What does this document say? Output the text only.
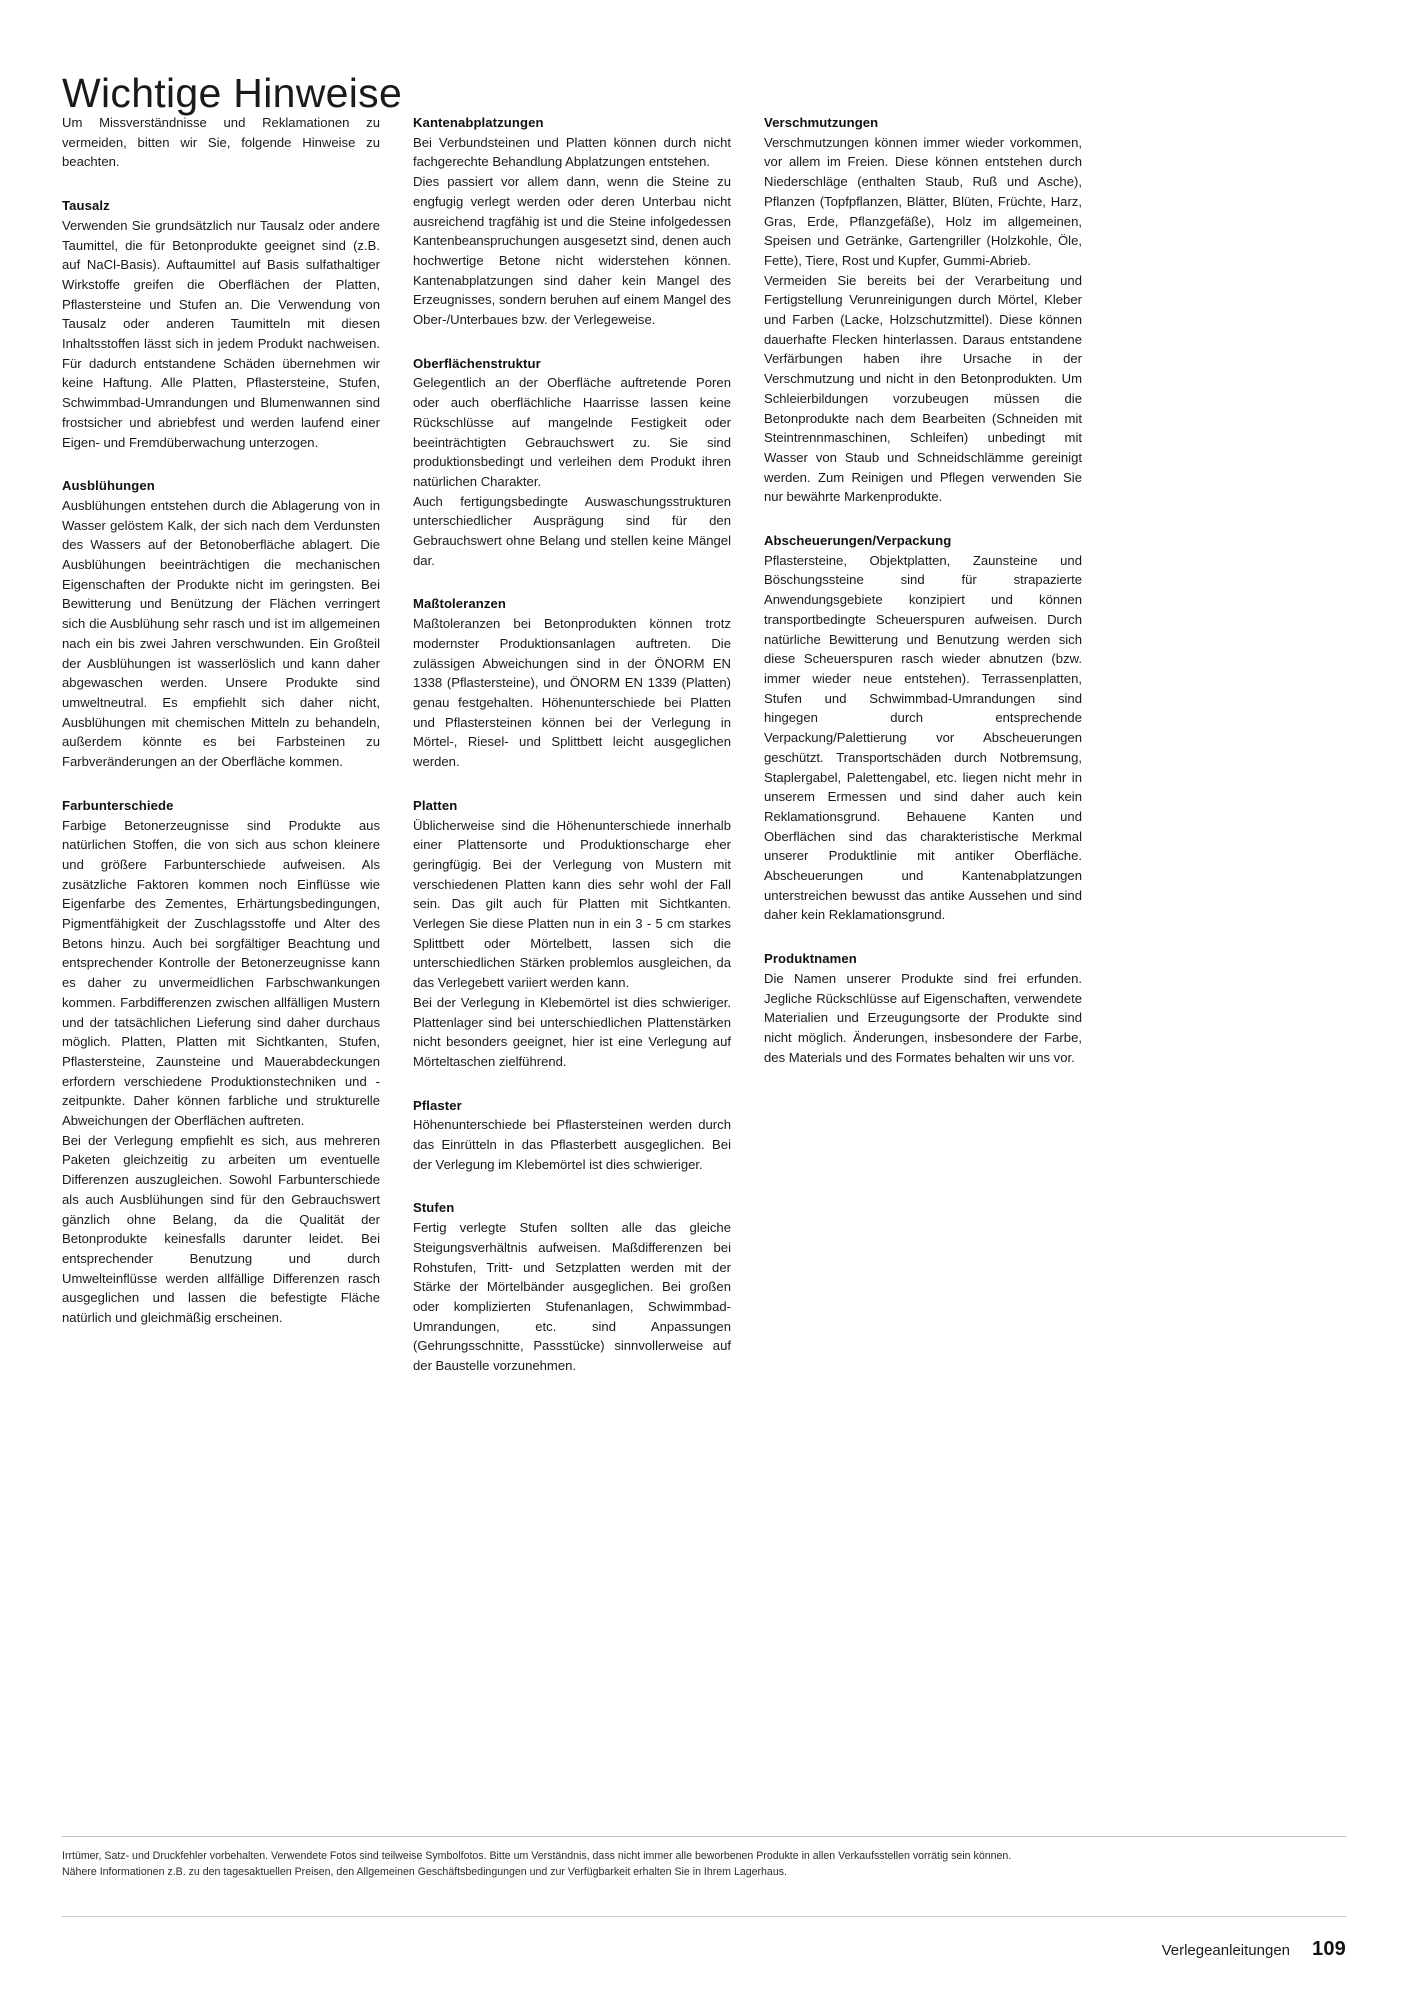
Wichtige Hinweise

Um Missverständnisse und Reklamationen zu vermeiden, bitten wir Sie, folgende Hinweise zu beachten.

Tausalz

Verwenden Sie grundsätzlich nur Tausalz oder andere Taumittel, die für Betonprodukte geeignet sind (z.B. auf NaCl-Basis). Auftaumittel auf Basis sulfathaltiger Wirkstoffe greifen die Oberflächen der Platten, Pflastersteine und Stufen an. Die Verwendung von Tausalz oder anderen Taumitteln mit diesen Inhaltsstoffen lässt sich in jedem Produkt nachweisen. Für dadurch entstandene Schäden übernehmen wir keine Haftung. Alle Platten, Pflastersteine, Stufen, Schwimmbad-Umrandungen und Blumenwannen sind frostsicher und abriebfest und werden laufend einer Eigen- und Fremdüberwachung unterzogen.

Ausblühungen

Ausblühungen entstehen durch die Ablagerung von in Wasser gelöstem Kalk, der sich nach dem Verdunsten des Wassers auf der Betonoberfläche ablagert. Die Ausblühungen beeinträchtigen die mechanischen Eigenschaften der Produkte nicht im geringsten. Bei Bewitterung und Benützung der Flächen verringert sich die Ausblühung sehr rasch und ist im allgemeinen nach ein bis zwei Jahren verschwunden. Ein Großteil der Ausblühungen ist wasserlöslich und kann daher abgewaschen werden. Unsere Produkte sind umweltneutral. Es empfiehlt sich daher nicht, Ausblühungen mit chemischen Mitteln zu behandeln, außerdem könnte es bei Farbsteinen zu Farbveränderungen an der Oberfläche kommen.

Farbunterschiede

Farbige Betonerzeugnisse sind Produkte aus natürlichen Stoffen, die von sich aus schon kleinere und größere Farbunterschiede aufweisen. Als zusätzliche Faktoren kommen noch Einflüsse wie Eigenfarbe des Zementes, Erhärtungsbedingungen, Pigmentfähigkeit der Zuschlagsstoffe und Alter des Betons hinzu. Auch bei sorgfältiger Beachtung und entsprechender Kontrolle der Betonerzeugnisse kann es daher zu unvermeidlichen Farbschwankungen kommen. Farbdifferenzen zwischen allfälligen Mustern und der tatsächlichen Lieferung sind daher durchaus möglich. Platten, Platten mit Sichtkanten, Stufen, Pflastersteine, Zaunsteine und Mauerabdeckungen erfordern verschiedene Produktionstechniken und -zeitpunkte. Daher können farbliche und strukturelle Abweichungen der Oberflächen auftreten.

Bei der Verlegung empfiehlt es sich, aus mehreren Paketen gleichzeitig zu arbeiten um eventuelle Differenzen auszugleichen. Sowohl Farbunterschiede als auch Ausblühungen sind für den Gebrauchswert gänzlich ohne Belang, da die Qualität der Betonprodukte keinesfalls darunter leidet. Bei entsprechender Benutzung und durch Umwelteinflüsse werden allfällige Differenzen rasch ausgeglichen und lassen die befestigte Fläche natürlich und gleichmäßig erscheinen.

Kantenabplatzungen

Bei Verbundsteinen und Platten können durch nicht fachgerechte Behandlung Abplatzungen entstehen.

Dies passiert vor allem dann, wenn die Steine zu engfugig verlegt werden oder deren Unterbau nicht ausreichend tragfähig ist und die Steine infolgedessen Kantenbeanspruchungen ausgesetzt sind, denen auch hochwertige Betone nicht widerstehen können. Kantenabplatzungen sind daher kein Mangel des Erzeugnisses, sondern beruhen auf einem Mangel des Ober-/Unterbaues bzw. der Verlegeweise.

Oberflächenstruktur

Gelegentlich an der Oberfläche auftretende Poren oder auch oberflächliche Haarrisse lassen keine Rückschlüsse auf mangelnde Festigkeit oder beeinträchtigten Gebrauchswert zu. Sie sind produktionsbedingt und verleihen dem Produkt ihren natürlichen Charakter.

Auch fertigungsbedingte Auswaschungsstrukturen unterschiedlicher Ausprägung sind für den Gebrauchswert ohne Belang und stellen keine Mängel dar.

Maßtoleranzen

Maßtoleranzen bei Betonprodukten können trotz modernster Produktionsanlagen auftreten. Die zulässigen Abweichungen sind in der ÖNORM EN 1338 (Pflastersteine), und ÖNORM EN 1339 (Platten) genau festgehalten. Höhenunterschiede bei Platten und Pflastersteinen können bei der Verlegung in Mörtel-, Riesel- und Splittbett leicht ausgeglichen werden.

Platten

Üblicherweise sind die Höhenunterschiede innerhalb einer Plattensorte und Produktionscharge eher geringfügig. Bei der Verlegung von Mustern mit verschiedenen Platten kann dies sehr wohl der Fall sein. Das gilt auch für Platten mit Sichtkanten. Verlegen Sie diese Platten nun in ein 3 - 5 cm starkes Splittbett oder Mörtelbett, lassen sich die unterschiedlichen Stärken problemlos ausgleichen, da das Verlegebett variiert werden kann.

Bei der Verlegung in Klebemörtel ist dies schwieriger. Plattenlager sind bei unterschiedlichen Plattenstärken nicht besonders geeignet, hier ist eine Verlegung auf Mörteltaschen zielführend.

Pflaster

Höhenunterschiede bei Pflastersteinen werden durch das Einrütteln in das Pflasterbett ausgeglichen. Bei der Verlegung im Klebemörtel ist dies schwieriger.

Stufen

Fertig verlegte Stufen sollten alle das gleiche Steigungsverhältnis aufweisen. Maßdifferenzen bei Rohstufen, Tritt- und Setzplatten werden mit der Stärke der Mörtelbänder ausgeglichen. Bei großen oder komplizierten Stufenanlagen, Schwimmbad-Umrandungen, etc. sind Anpassungen (Gehrungsschnitte, Passstücke) sinnvollerweise auf der Baustelle vorzunehmen.

Verschmutzungen

Verschmutzungen können immer wieder vorkommen, vor allem im Freien. Diese können entstehen durch Niederschläge (enthalten Staub, Ruß und Asche), Pflanzen (Topfpflanzen, Blätter, Blüten, Früchte, Harz, Gras, Erde, Pflanzgefäße), Holz im allgemeinen, Speisen und Getränke, Gartengriller (Holzkohle, Öle, Fette), Tiere, Rost und Kupfer, Gummi-Abrieb.

Vermeiden Sie bereits bei der Verarbeitung und Fertigstellung Verunreinigungen durch Mörtel, Kleber und Farben (Lacke, Holzschutzmittel). Diese können dauerhafte Flecken hinterlassen. Daraus entstandene Verfärbungen haben ihre Ursache in der Verschmutzung und nicht in den Betonprodukten. Um Schleierbildungen vorzubeugen müssen die Betonprodukte nach dem Bearbeiten (Schneiden mit Steintrennmaschinen, Schleifen) unbedingt mit Wasser von Staub und Schneidschlämme gereinigt werden. Zum Reinigen und Pflegen verwenden Sie nur bewährte Markenprodukte.

Abscheuerungen/Verpackung

Pflastersteine, Objektplatten, Zaunsteine und Böschungssteine sind für strapazierte Anwendungsgebiete konzipiert und können transportbedingte Scheuerspuren aufweisen. Durch natürliche Bewitterung und Benutzung werden sich diese Scheuerspuren rasch wieder abnutzen (bzw. immer wieder neue entstehen). Terrassenplatten, Stufen und Schwimmbad-Umrandungen sind hingegen durch entsprechende Verpackung/Palettierung vor Abscheuerungen geschützt. Transportschäden durch Notbremsung, Staplergabel, Palettengabel, etc. liegen nicht mehr in unserem Ermessen und sind daher auch kein Reklamationsgrund. Behauene Kanten und Oberflächen sind das charakteristische Merkmal unserer Produktlinie mit antiker Oberfläche. Abscheuerungen und Kantenabplatzungen unterstreichen bewusst das antike Aussehen und sind daher kein Reklamationsgrund.

Produktnamen

Die Namen unserer Produkte sind frei erfunden. Jegliche Rückschlüsse auf Eigenschaften, verwendete Materialien und Erzeugungsorte der Produkte sind nicht möglich. Änderungen, insbesondere der Farbe, des Materials und des Formates behalten wir uns vor.

Irrtümer, Satz- und Druckfehler vorbehalten. Verwendete Fotos sind teilweise Symbolfotos. Bitte um Verständnis, dass nicht immer alle beworbenen Produkte in allen Verkaufsstellen vorrätig sein können.
Nähere Informationen z.B. zu den tagesaktuellen Preisen, den Allgemeinen Geschäftsbedingungen und zur Verfügbarkeit erhalten Sie in Ihrem Lagerhaus.
Verlegeanleitungen 109
